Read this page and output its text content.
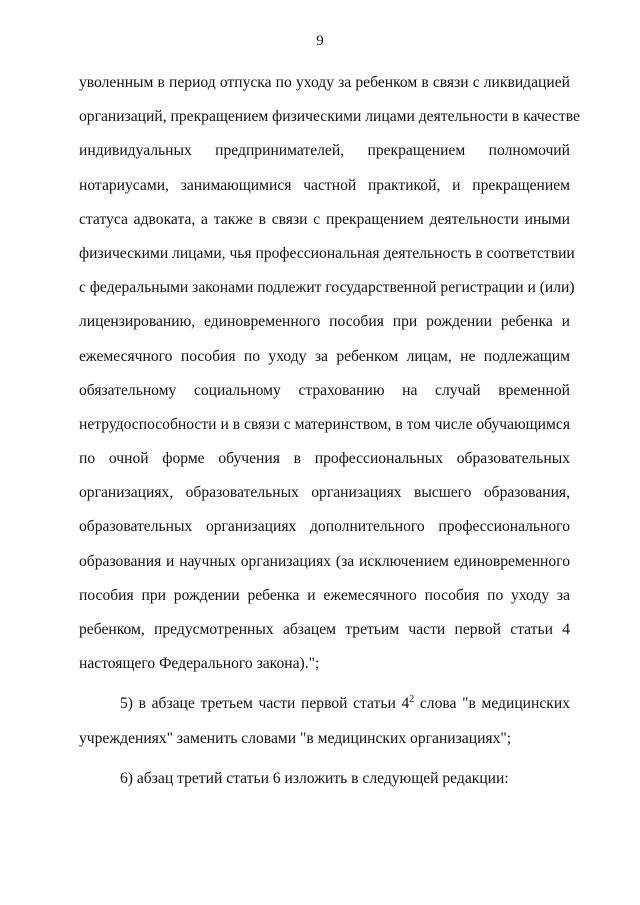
9
уволенным в период отпуска по уходу за ребенком в связи с ликвидацией
организаций, прекращением физическими лицами деятельности в качестве
индивидуальных предпринимателей, прекращением полномочий
нотариусами, занимающимися частной практикой, и прекращением
статуса адвоката, а также в связи с прекращением деятельности иными
физическими лицами, чья профессиональная деятельность в соответствии
с федеральными законами подлежит государственной регистрации и (или)
лицензированию, единовременного пособия при рождении ребенка и
ежемесячного пособия по уходу за ребенком лицам, не подлежащим
обязательному социальному страхованию на случай временной
нетрудоспособности и в связи с материнством, в том числе обучающимся
по очной форме обучения в профессиональных образовательных
организациях, образовательных организациях высшего образования,
образовательных организациях дополнительного профессионального
образования и научных организациях (за исключением единовременного
пособия при рождении ребенка и ежемесячного пособия по уходу за
ребенком, предусмотренных абзацем третьим части первой статьи 4
настоящего Федерального закона).";
5) в абзаце третьем части первой статьи $4^2$ слова "в медицинских
учреждениях" заменить словами "в медицинских организациях";
6) абзац третий статьи 6 изложить в следующей редакции:
